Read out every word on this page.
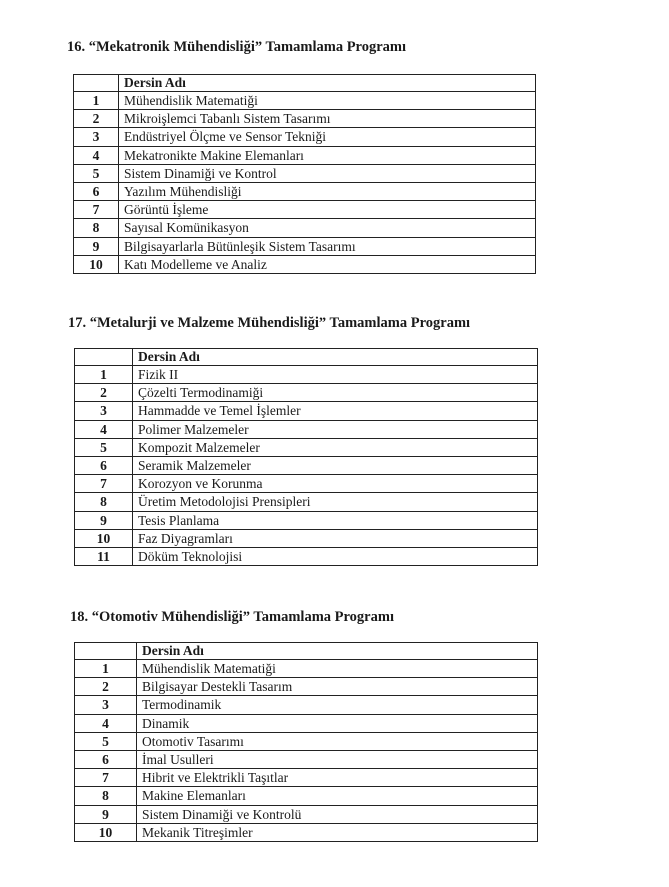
16. “Mekatronik Mühendisliği” Tamamlama Programı
	Dersin Adı
1	Mühendislik Matematiği
2	Mikroişlemci Tabanlı Sistem Tasarımı
3	Endüstriyel Ölçme ve Sensor Tekniği
4	Mekatronikte Makine Elemanları
5	Sistem Dinamiği ve Kontrol
6	Yazılım Mühendisliği
7	Görüntü İşleme
8	Sayısal Komünikasyon
9	Bilgisayarlarla Bütünleşik Sistem Tasarımı
10	Katı Modelleme ve Analiz
17. “Metalurji ve Malzeme Mühendisliği” Tamamlama Programı
	Dersin Adı
1	Fizik II
2	Çözelti Termodinamiği
3	Hammadde ve Temel İşlemler
4	Polimer Malzemeler
5	Kompozit Malzemeler
6	Seramik Malzemeler
7	Korozyon ve Korunma
8	Üretim Metodolojisi Prensipleri
9	Tesis Planlama
10	Faz Diyagramları
11	Döküm Teknolojisi
18. “Otomotiv Mühendisliği” Tamamlama Programı
	Dersin Adı
1	Mühendislik Matematiği
2	Bilgisayar Destekli Tasarım
3	Termodinamik
4	Dinamik
5	Otomotiv Tasarımı
6	İmal Usulleri
7	Hibrit ve Elektrikli Taşıtlar
8	Makine Elemanları
9	Sistem Dinamiği ve Kontrolü
10	Mekanik Titreşimler
